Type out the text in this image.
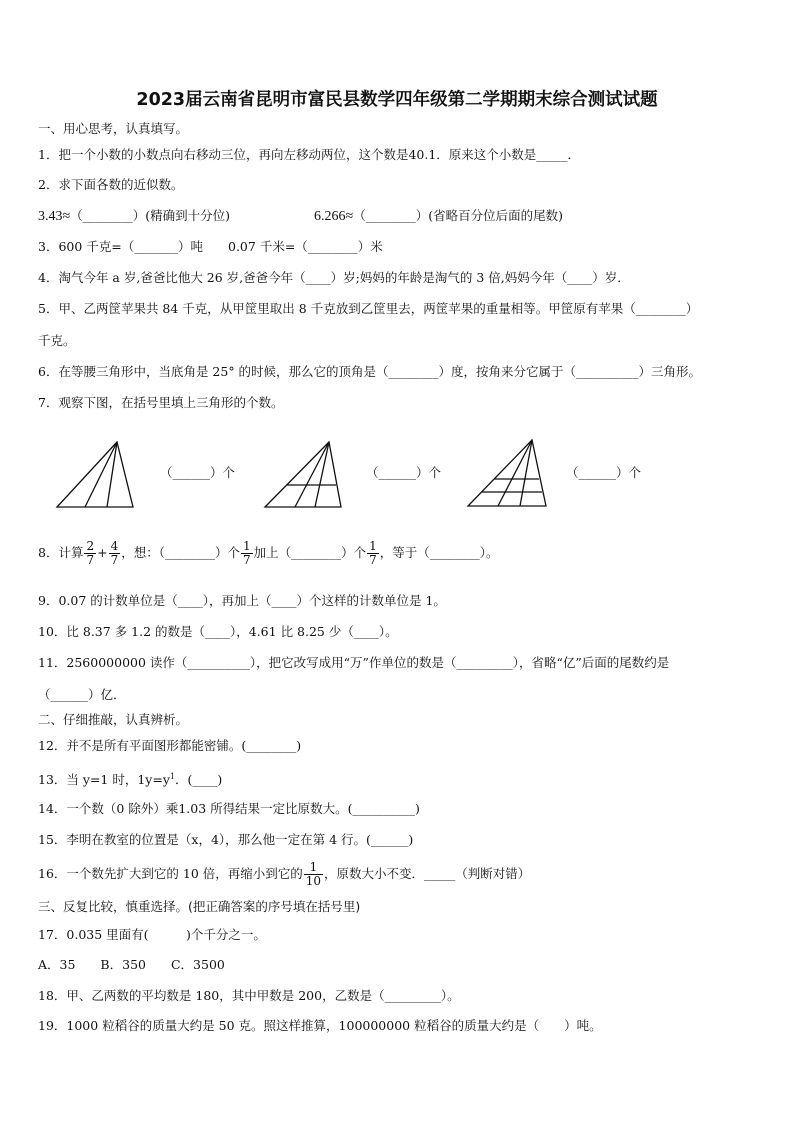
2023届云南省昆明市富民县数学四年级第二学期期末综合测试试题
一、用心思考，认真填写。
1．把一个小数的小数点向右移动三位，再向左移动两位，这个数是40.1．原来这个小数是_____．
2．求下面各数的近似数。
3.43≈（________）(精确到十分位)	6.266≈（________）(省略百分位后面的尾数)
3．600 千克=（_______）吨　　0.07 千米=（________）米
4．淘气今年 a 岁,爸爸比他大 26 岁,爸爸今年（____）岁;妈妈的年龄是淘气的 3 倍,妈妈今年（____）岁．
5．甲、乙两筐苹果共 84 千克，从甲筐里取出 8 千克放到乙筐里去，两筐苹果的重量相等。甲筐原有苹果（________）
千克。
6．在等腰三角形中，当底角是 25° 的时候，那么它的顶角是（________）度，按角来分它属于（__________）三角形。
7．观察下图，在括号里填上三角形的个数。
（______）个	（______）个	（______）个
8．计算 $\frac{2}{7} + \frac{4}{7}$ ，想：（________）个 $\frac{1}{7}$ 加上（________）个 $\frac{1}{7}$ ，等于（________）。
9．0.07 的计数单位是（____），再加上（____）个这样的计数单位是 1。
10．比 8.37 多 1.2 的数是（____），4.61 比 8.25 少（____）。
11．2560000000 读作（__________），把它改写成用“万”作单位的数是（_________），省略“亿”后面的尾数约是
（______）亿．
二、仔细推敲，认真辨析。
12．并不是所有平面图形都能密铺。(________)
13．当 y=1 时，$1y=y^1$．(____)
14．一个数（0 除外）乘1.03 所得结果一定比原数大。(__________)
15．李明在教室的位置是（x，4），那么他一定在第 4 行。(______)
16．一个数先扩大到它的 10 倍，再缩小到它的 $\frac{1}{10}$ ，原数大小不变．_____（判断对错）
三、反复比较，慎重选择。(把正确答案的序号填在括号里)
17．0.035 里面有(　　　)个千分之一。
A．35　　B．350　　C．3500
18．甲、乙两数的平均数是 180，其中甲数是 200，乙数是（_________）。
19．1000 粒稻谷的质量大约是 50 克。照这样推算，100000000 粒稻谷的质量大约是（　　）吨。
